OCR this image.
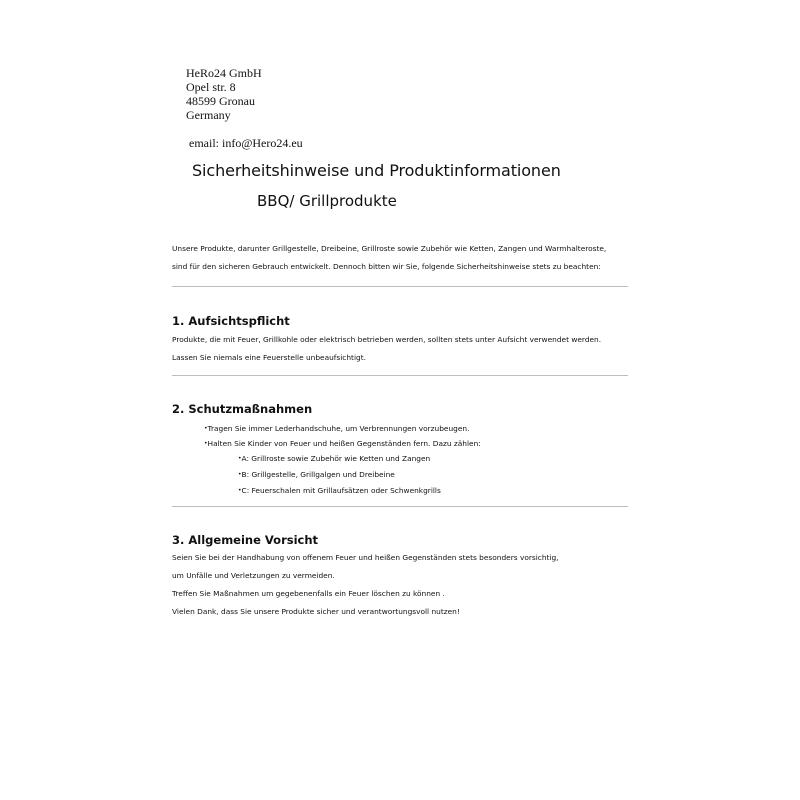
HeRo24 GmbH
Opel str. 8
48599 Gronau
Germany
email: info@Hero24.eu
Sicherheitshinweise und Produktinformationen
BBQ/ Grillprodukte
Unsere Produkte, darunter Grillgestelle, Dreibeine, Grillroste sowie Zubehör wie Ketten, Zangen und Warmhalteroste,
sind für den sicheren Gebrauch entwickelt. Dennoch bitten wir Sie, folgende Sicherheitshinweise stets zu beachten:
1. Aufsichtspflicht
Produkte, die mit Feuer, Grillkohle oder elektrisch betrieben werden, sollten stets unter Aufsicht verwendet werden.
Lassen Sie niemals eine Feuerstelle unbeaufsichtigt.
2. Schutzmaßnahmen
•Tragen Sie immer Lederhandschuhe, um Verbrennungen vorzubeugen.
•Halten Sie Kinder von Feuer und heißen Gegenständen fern. Dazu zählen:
•A: Grillroste sowie Zubehör wie Ketten und Zangen
•B: Grillgestelle, Grillgalgen und Dreibeine
•C: Feuerschalen mit Grillaufsätzen oder Schwenkgrills
3. Allgemeine Vorsicht
Seien Sie bei der Handhabung von offenem Feuer und heißen Gegenständen stets besonders vorsichtig,
um Unfälle und Verletzungen zu vermeiden.
Treffen Sie Maßnahmen um gegebenenfalls ein Feuer löschen zu können .
Vielen Dank, dass Sie unsere Produkte sicher und verantwortungsvoll nutzen!
